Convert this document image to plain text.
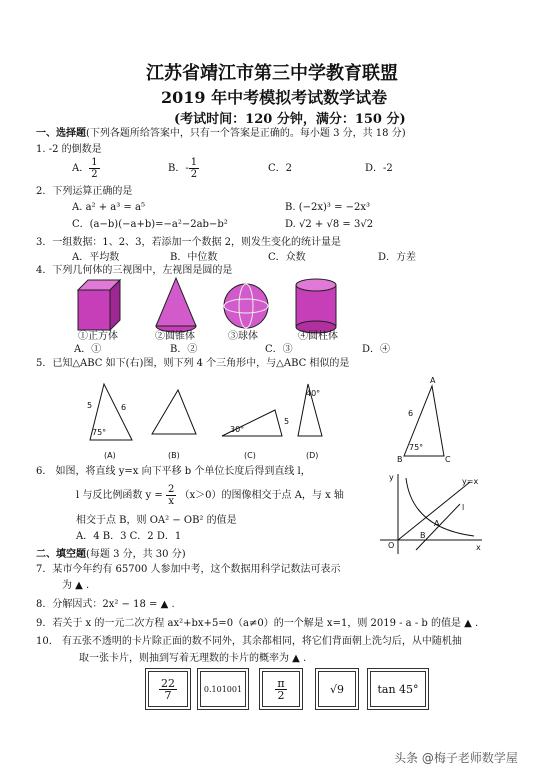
江苏省靖江市第三中学教育联盟
2019 年中考模拟考试数学试卷
(考试时间：120 分钟，满分：150 分)
一、选择题(下列各题所给答案中，只有一个答案是正确的。每小题 3 分，共 18 分)
1. -2 的倒数是
A． $\frac{1}{2}$	B．- $\frac{1}{2}$	C．2	D．-2
2．下列运算正确的是
A. a² + a³ = a⁵	B. (−2x)³ = −2x³
C．(a−b)(−a+b)=−a²−2ab−b²	D. √2 + √8 = 3√2
3．一组数据：1、2、3，若添加一个数据 2，则发生变化的统计量是
A．平均数	B．中位数	C．众数	D．方差
4．下列几何体的三视图中，左视图是圆的是
①正方体	②圆锥体	③球体	④圆柱体
A．①	B．②	C．③	D．④
5．已知△ABC 如下(右)图，则下列 4 个三角形中，与△ABC 相似的是
5	6
75°
(A)	(B)
30°
5
(C)
40°
(D)
A
B	C
6
75°
6． 如图，将直线 y=x 向下平移 b 个单位长度后得到直线 l，
l 与反比例函数 $y = \frac{2}{x} (x>0)$的图像相交于点 A，与 x 轴
相交于点 B，则 OA² − OB² 的值是
A．4 B．3 C．2 D．1
y
x
O
A
B
y=x
l
二、填空题(每题 3 分，共 30 分)
7．某市今年约有 65700 人参加中考，这个数据用科学记数法可表示
为 ▲ .
8．分解因式：2x² − 18 = ▲ .
9．若关于 x 的一元二次方程 ax²+bx+5=0（a≠0）的一个解是 x=1，则 2019 - a - b 的值是 ▲ .
10． 有五张不透明的卡片除正面的数不同外，其余都相同，将它们背面朝上洗匀后，从中随机抽
取一张卡片，则抽到写着无理数的卡片的概率为 ▲ .
$\frac{22}{7}$	0.101001	$\frac{\pi}{2}$	√9	tan 45°
头条 @梅子老师数学屋
